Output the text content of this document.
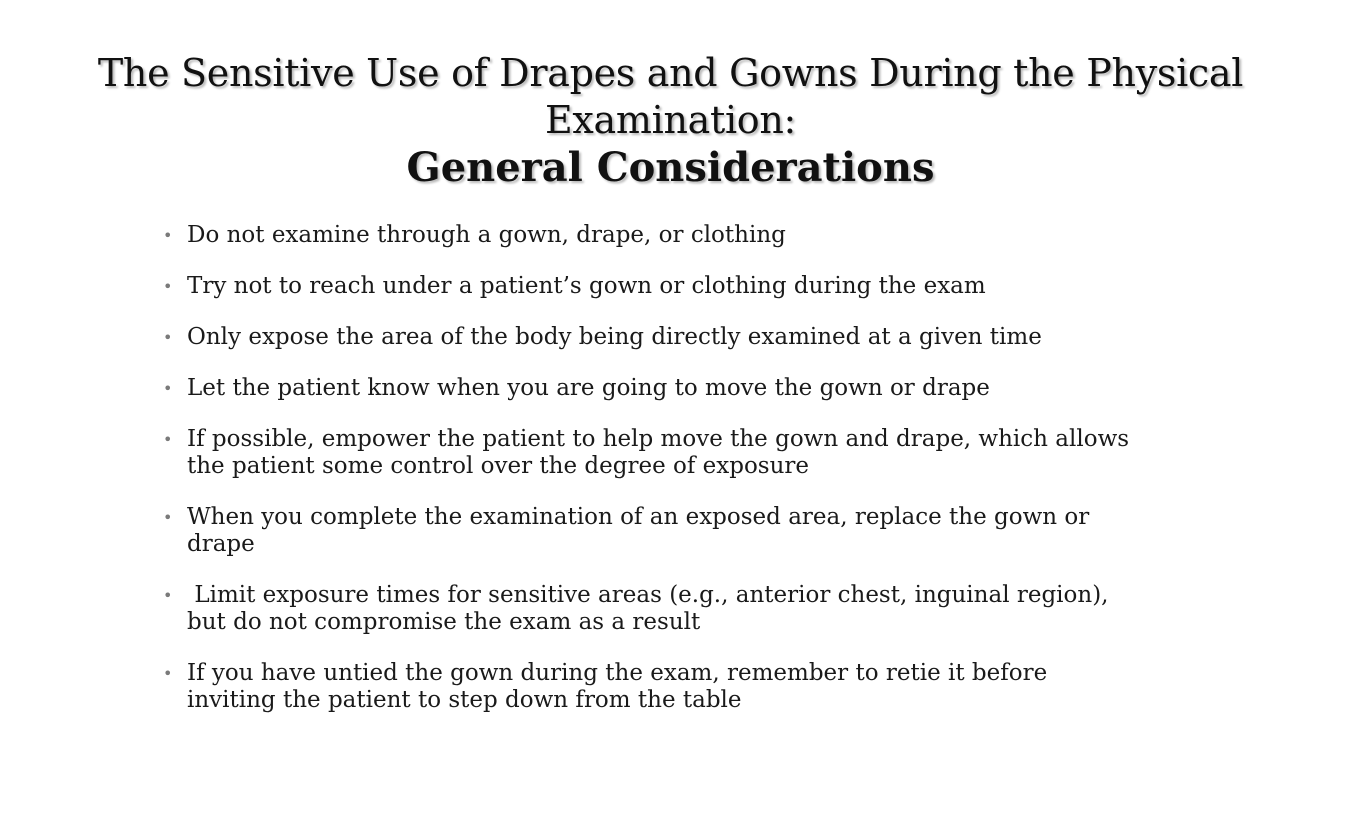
The Sensitive Use of Drapes and Gowns During the Physical
Examination:
General Considerations
• Do not examine through a gown, drape, or clothing
• Try not to reach under a patient’s gown or clothing during the exam
• Only expose the area of the body being directly examined at a given time
• Let the patient know when you are going to move the gown or drape
• If possible, empower the patient to help move the gown and drape, which allows
the patient some control over the degree of exposure
• When you complete the examination of an exposed area, replace the gown or
drape
• Limit exposure times for sensitive areas (e.g., anterior chest, inguinal region),
but do not compromise the exam as a result
• If you have untied the gown during the exam, remember to retie it before
inviting the patient to step down from the table
